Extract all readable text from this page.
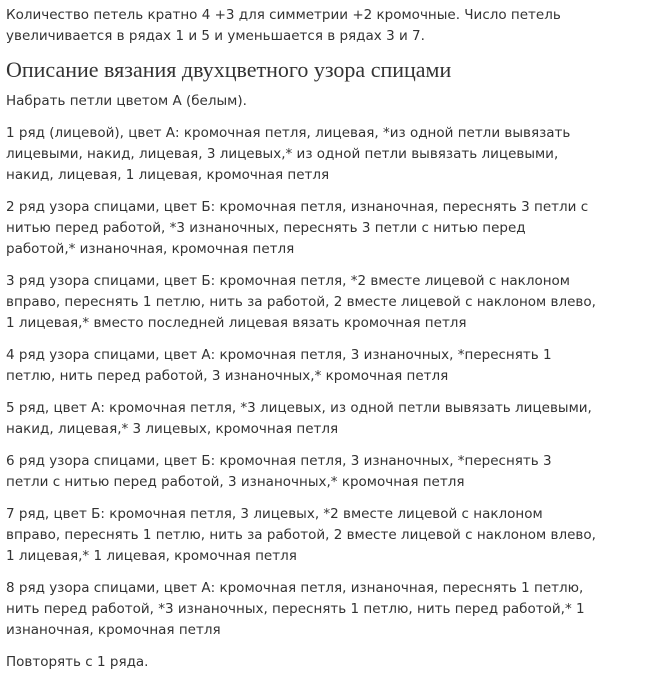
Количество петель кратно 4 +3 для симметрии +2 кромочные. Число петель
увеличивается в рядах 1 и 5 и уменьшается в рядах 3 и 7.

Описание вязания двухцветного узора спицами

Набрать петли цветом А (белым).

1 ряд (лицевой), цвет А: кромочная петля, лицевая, *из одной петли вывязать
лицевыми, накид, лицевая, 3 лицевых,* из одной петли вывязать лицевыми,
накид, лицевая, 1 лицевая, кромочная петля

2 ряд узора спицами, цвет Б: кромочная петля, изнаночная, переснять 3 петли с
нитью перед работой, *3 изнаночных, переснять 3 петли с нитью перед
работой,* изнаночная, кромочная петля

3 ряд узора спицами, цвет Б: кромочная петля, *2 вместе лицевой с наклоном
вправо, переснять 1 петлю, нить за работой, 2 вместе лицевой с наклоном влево,
1 лицевая,* вместо последней лицевая вязать кромочная петля

4 ряд узора спицами, цвет А: кромочная петля, 3 изнаночных, *переснять 1
петлю, нить перед работой, 3 изнаночных,* кромочная петля

5 ряд, цвет А: кромочная петля, *3 лицевых, из одной петли вывязать лицевыми,
накид, лицевая,* 3 лицевых, кромочная петля

6 ряд узора спицами, цвет Б: кромочная петля, 3 изнаночных, *переснять 3
петли с нитью перед работой, 3 изнаночных,* кромочная петля

7 ряд, цвет Б: кромочная петля, 3 лицевых, *2 вместе лицевой с наклоном
вправо, переснять 1 петлю, нить за работой, 2 вместе лицевой с наклоном влево,
1 лицевая,* 1 лицевая, кромочная петля

8 ряд узора спицами, цвет А: кромочная петля, изнаночная, переснять 1 петлю,
нить перед работой, *3 изнаночных, переснять 1 петлю, нить перед работой,* 1
изнаночная, кромочная петля

Повторять с 1 ряда.
